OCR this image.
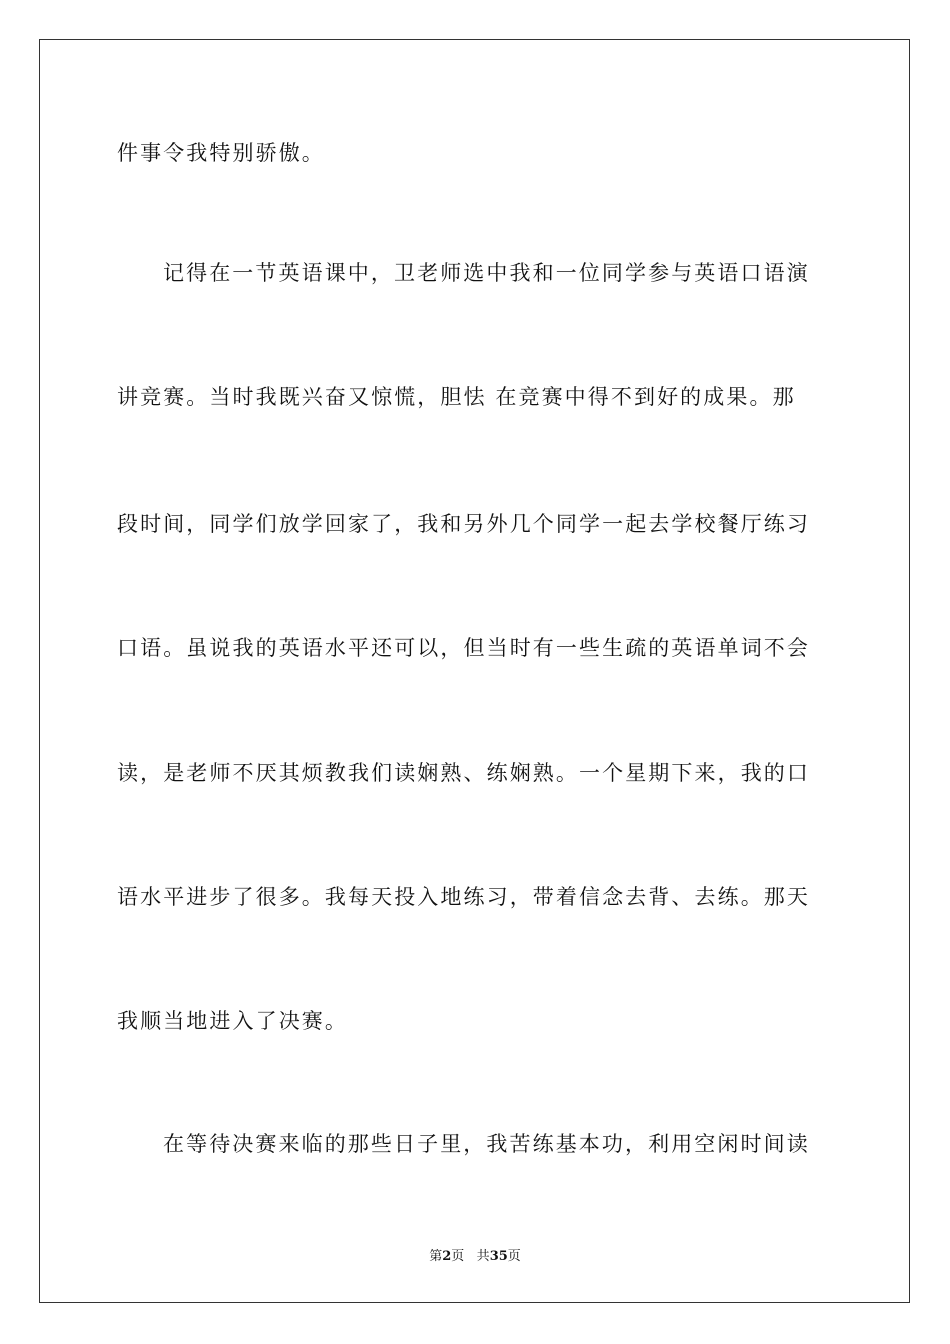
件事令我特别骄傲。
记得在一节英语课中，卫老师选中我和一位同学参与英语口语演
讲竞赛。当时我既兴奋又惊慌，胆怯 在竞赛中得不到好的成果。那
段时间，同学们放学回家了，我和另外几个同学一起去学校餐厅练习
口语。虽说我的英语水平还可以，但当时有一些生疏的英语单词不会
读，是老师不厌其烦教我们读娴熟、练娴熟。一个星期下来，我的口
语水平进步了很多。我每天投入地练习，带着信念去背、去练。那天
我顺当地进入了决赛。
在等待决赛来临的那些日子里，我苦练基本功，利用空闲时间读
第2页 共35页
